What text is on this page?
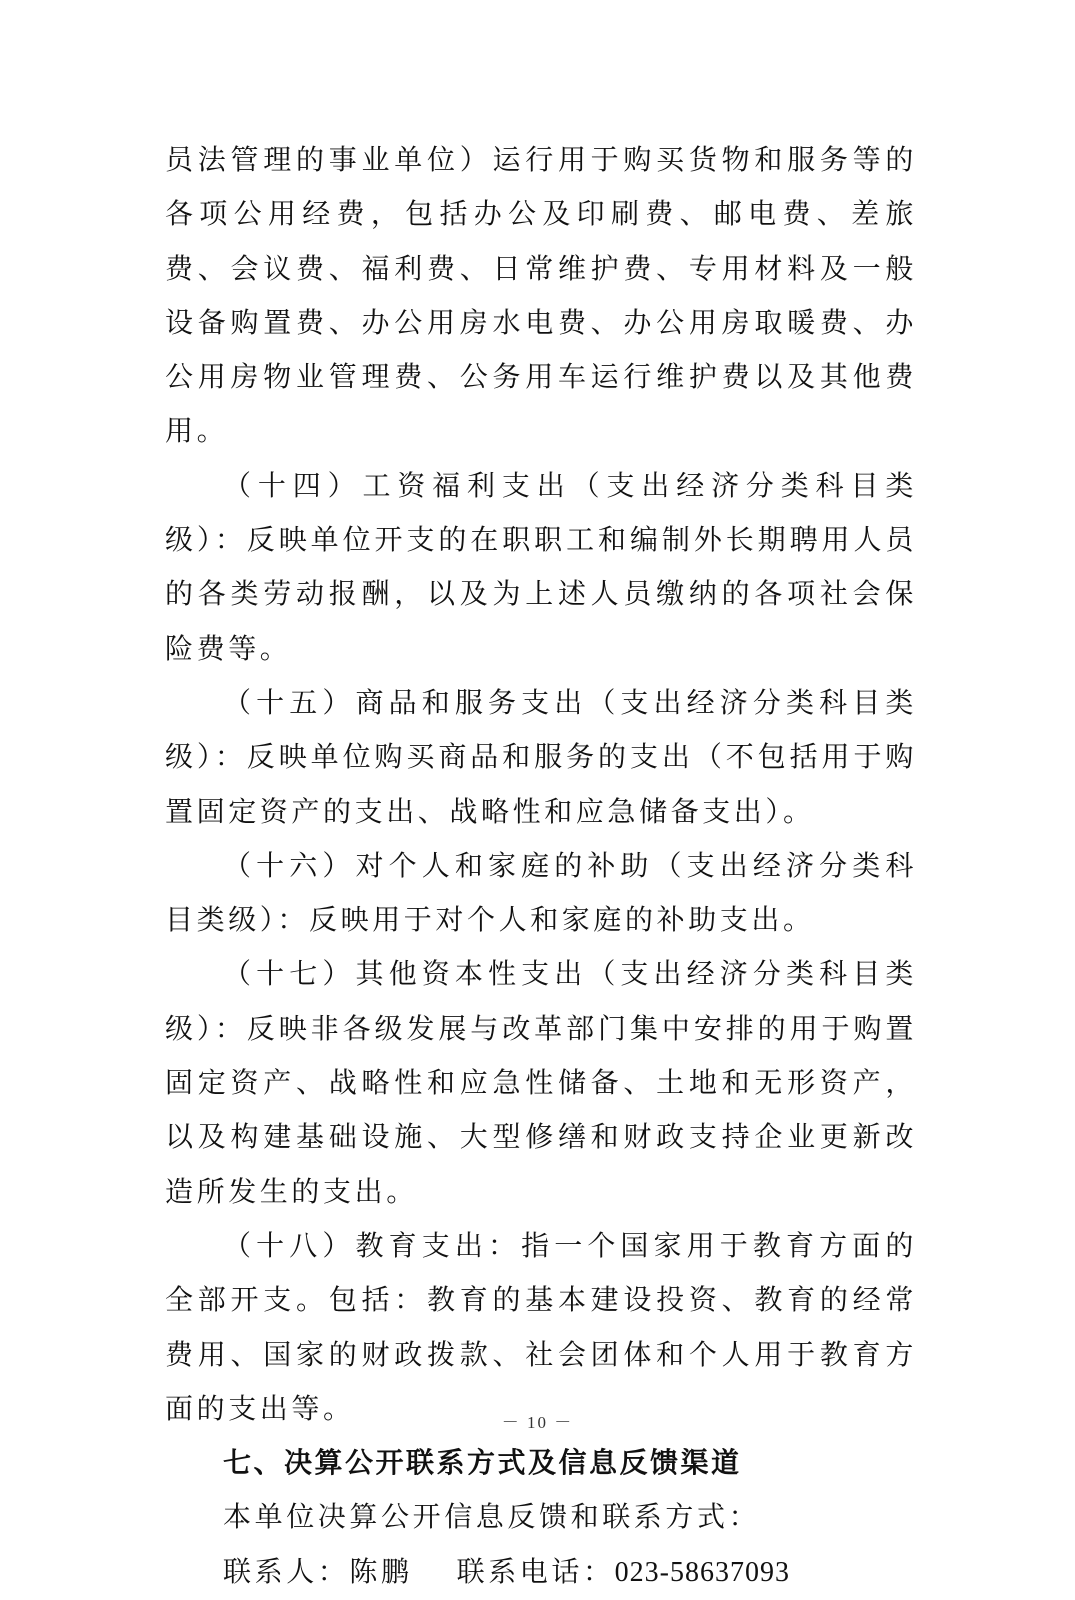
员法管理的事业单位）运行用于购买货物和服务等的各项公用经费，包括办公及印刷费、邮电费、差旅费、会议费、福利费、日常维护费、专用材料及一般设备购置费、办公用房水电费、办公用房取暖费、办公用房物业管理费、公务用车运行维护费以及其他费用。

（十四）工资福利支出（支出经济分类科目类级）：反映单位开支的在职职工和编制外长期聘用人员的各类劳动报酬，以及为上述人员缴纳的各项社会保险费等。

（十五）商品和服务支出（支出经济分类科目类级）：反映单位购买商品和服务的支出（不包括用于购置固定资产的支出、战略性和应急储备支出）。

（十六）对个人和家庭的补助（支出经济分类科目类级）：反映用于对个人和家庭的补助支出。

（十七）其他资本性支出（支出经济分类科目类级）：反映非各级发展与改革部门集中安排的用于购置固定资产、战略性和应急性储备、土地和无形资产，以及构建基础设施、大型修缮和财政支持企业更新改造所发生的支出。

（十八）教育支出：指一个国家用于教育方面的全部开支。包括：教育的基本建设投资、教育的经常费用、国家的财政拨款、社会团体和个人用于教育方面的支出等。

七、决算公开联系方式及信息反馈渠道

本单位决算公开信息反馈和联系方式：

联系人：陈鹏 联系电话：023-58637093

－ 10 －
